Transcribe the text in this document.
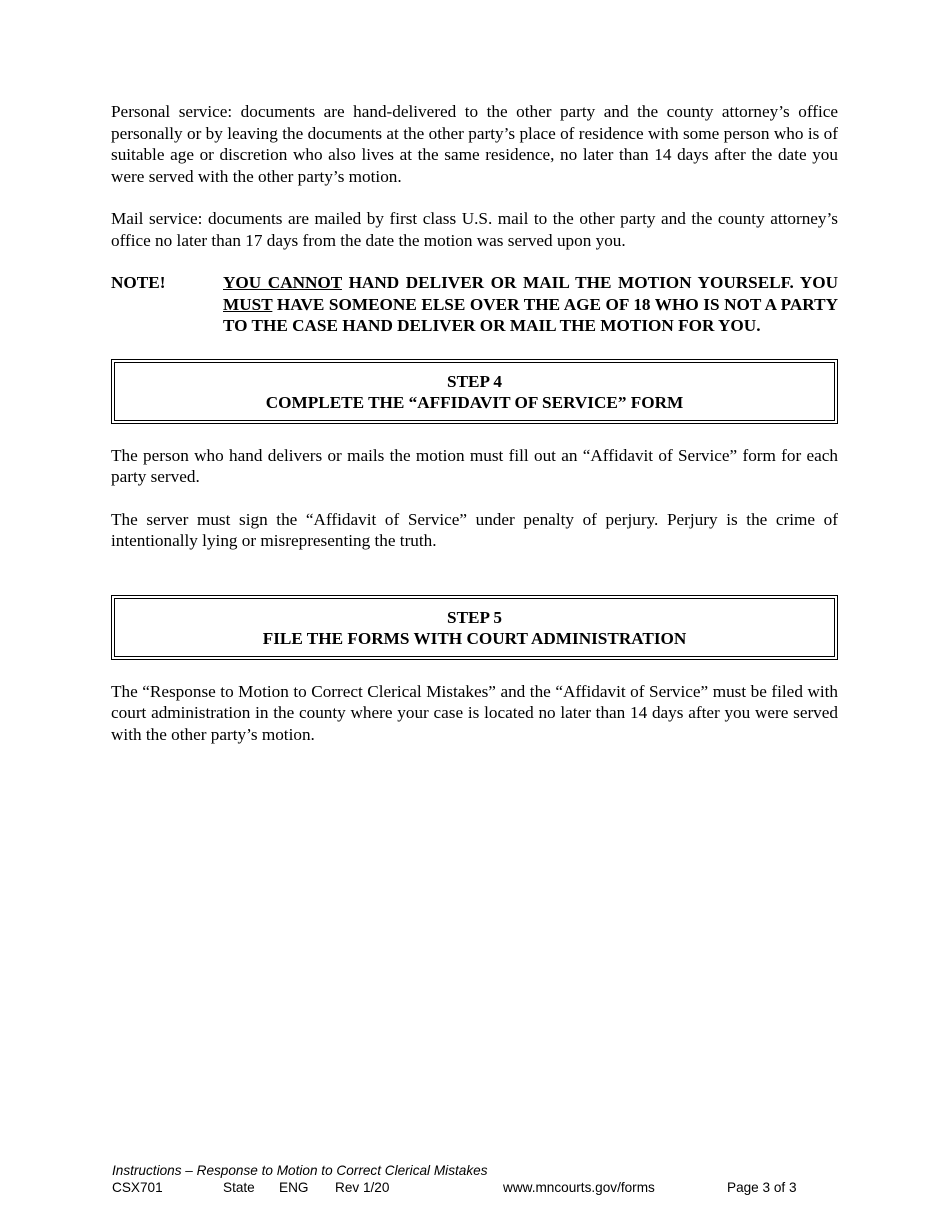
Personal service: documents are hand-delivered to the other party and the county attorney’s office personally or by leaving the documents at the other party’s place of residence with some person who is of suitable age or discretion who also lives at the same residence, no later than 14 days after the date you were served with the other party’s motion.

Mail service: documents are mailed by first class U.S. mail to the other party and the county attorney’s office no later than 17 days from the date the motion was served upon you.

NOTE!	YOU CANNOT HAND DELIVER OR MAIL THE MOTION YOURSELF. YOU MUST HAVE SOMEONE ELSE OVER THE AGE OF 18 WHO IS NOT A PARTY TO THE CASE HAND DELIVER OR MAIL THE MOTION FOR YOU.
STEP 4
COMPLETE THE “AFFIDAVIT OF SERVICE” FORM

The person who hand delivers or mails the motion must fill out an “Affidavit of Service” form for each party served.

The server must sign the “Affidavit of Service” under penalty of perjury. Perjury is the crime of intentionally lying or misrepresenting the truth.

STEP 5
FILE THE FORMS WITH COURT ADMINISTRATION

The “Response to Motion to Correct Clerical Mistakes” and the “Affidavit of Service” must be filed with court administration in the county where your case is located no later than 14 days after you were served with the other party’s motion.

Instructions – Response to Motion to Correct Clerical Mistakes
CSX701	State ENG Rev 1/20	www.mncourts.gov/forms	Page 3 of 3
